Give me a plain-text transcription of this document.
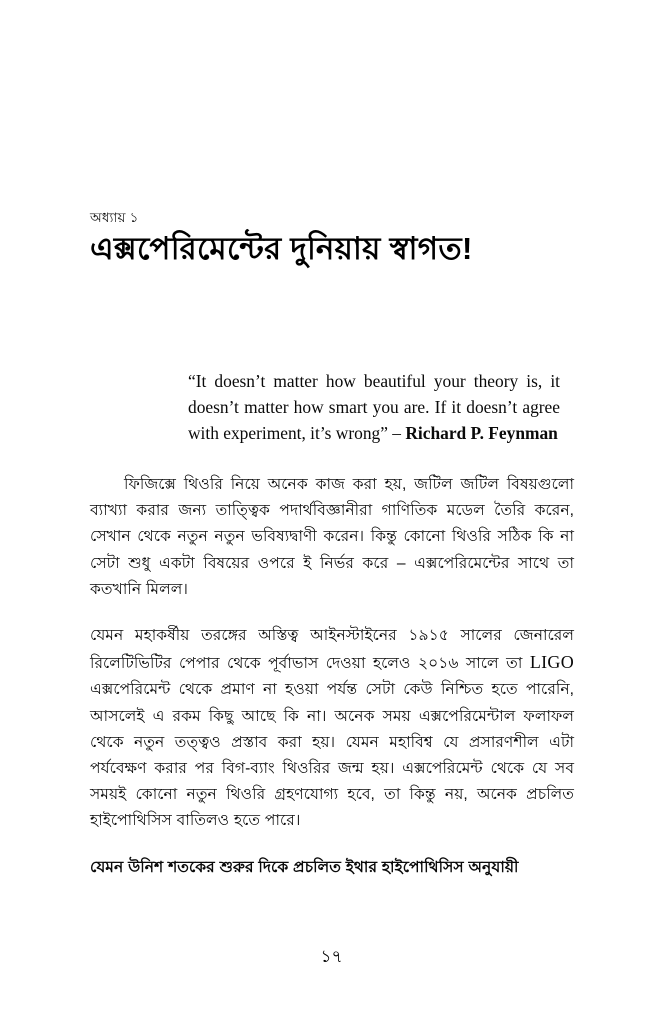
অধ্যায় ১
এক্সপেরিমেন্টের দুনিয়ায় স্বাগত!
“It doesn’t matter how beautiful your theory is, it doesn’t matter how smart you are. If it doesn’t agree with experiment, it’s wrong” – Richard P. Feynman

ফিজিক্সে থিওরি নিয়ে অনেক কাজ করা হয়, জটিল জটিল বিষয়গুলো ব্যাখ্যা করার জন্য তাত্ত্বিক পদার্থবিজ্ঞানীরা গাণিতিক মডেল তৈরি করেন, সেখান থেকে নতুন নতুন ভবিষ্যদ্বাণী করেন। কিন্তু কোনো থিওরি সঠিক কি না সেটা শুধু একটা বিষয়ের ওপরে ই নির্ভর করে – এক্সপেরিমেন্টের সাথে তা কতখানি মিলল।

যেমন মহাকর্ষীয় তরঙ্গের অস্তিত্ব আইনস্টাইনের ১৯১৫ সালের জেনারেল রিলেটিভিটির পেপার থেকে পূর্বাভাস দেওয়া হলেও ২০১৬ সালে তা LIGO এক্সপেরিমেন্ট থেকে প্রমাণ না হওয়া পর্যন্ত সেটা কেউ নিশ্চিত হতে পারেনি, আসলেই এ রকম কিছু আছে কি না। অনেক সময় এক্সপেরিমেন্টাল ফলাফল থেকে নতুন তত্ত্বও প্রস্তাব করা হয়। যেমন মহাবিশ্ব যে প্রসারণশীল এটা পর্যবেক্ষণ করার পর বিগ-ব্যাং থিওরির জন্ম হয়। এক্সপেরিমেন্ট থেকে যে সব সময়ই কোনো নতুন থিওরি গ্রহণযোগ্য হবে, তা কিন্তু নয়, অনেক প্রচলিত হাইপোথিসিস বাতিলও হতে পারে।

যেমন উনিশ শতকের শুরুর দিকে প্রচলিত ইথার হাইপোথিসিস অনুযায়ী

১৭
